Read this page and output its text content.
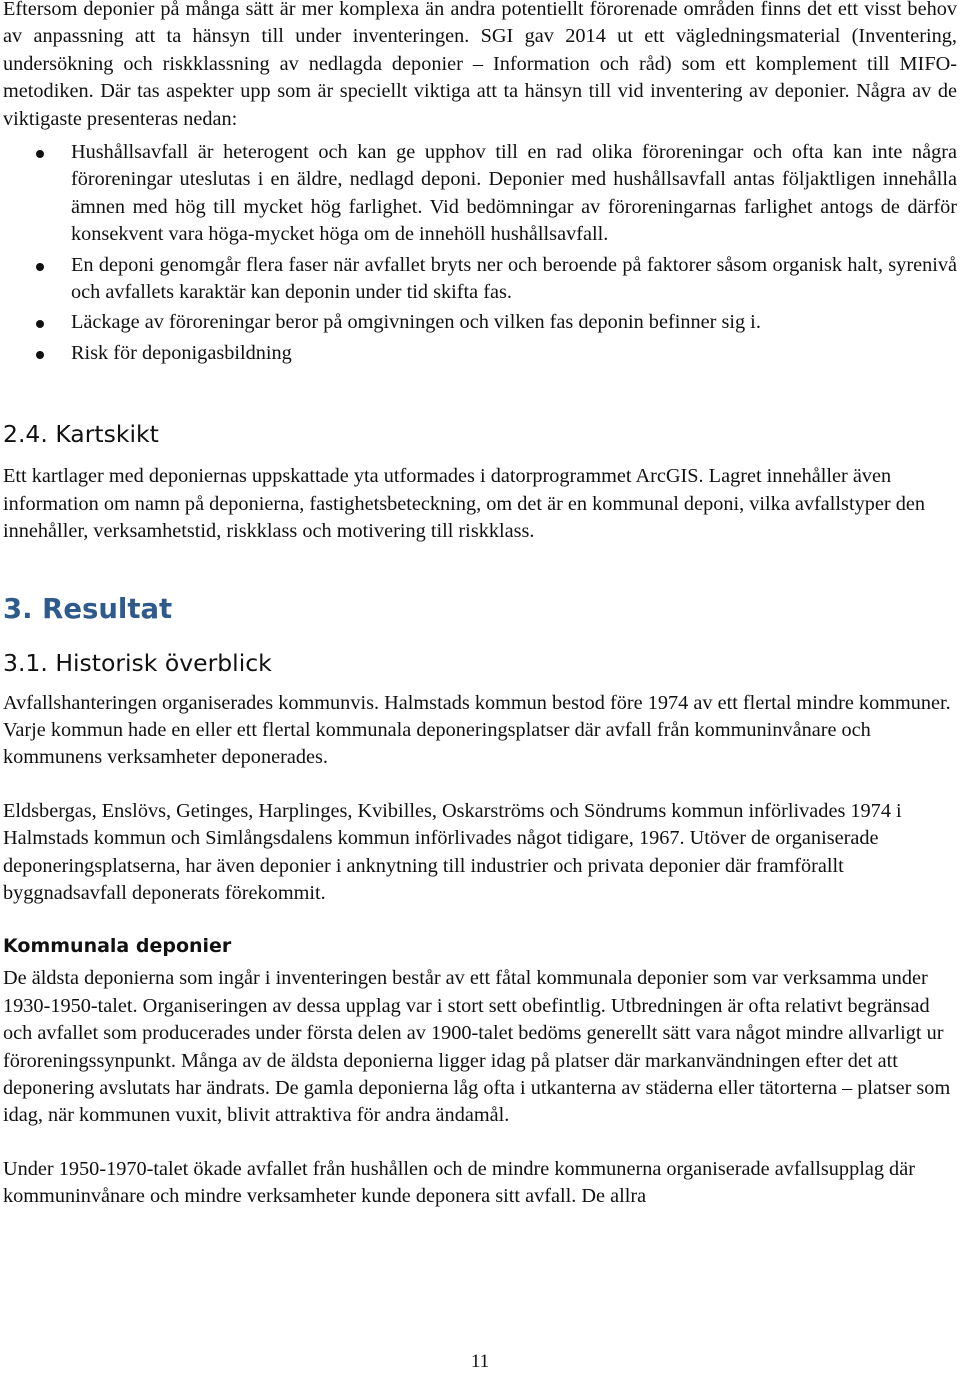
Eftersom deponier på många sätt är mer komplexa än andra potentiellt förorenade områden finns det ett visst behov av anpassning att ta hänsyn till under inventeringen. SGI gav 2014 ut ett vägledningsmaterial (Inventering, undersökning och riskklassning av nedlagda deponier – Information och råd) som ett komplement till MIFO-metodiken. Där tas aspekter upp som är speciellt viktiga att ta hänsyn till vid inventering av deponier. Några av de viktigaste presenteras nedan:

Hushållsavfall är heterogent och kan ge upphov till en rad olika föroreningar och ofta kan inte några föroreningar uteslutas i en äldre, nedlagd deponi. Deponier med hushållsavfall antas följaktligen innehålla ämnen med hög till mycket hög farlighet. Vid bedömningar av föroreningarnas farlighet antogs de därför konsekvent vara höga-mycket höga om de innehöll hushållsavfall.
En deponi genomgår flera faser när avfallet bryts ner och beroende på faktorer såsom organisk halt, syrenivå och avfallets karaktär kan deponin under tid skifta fas.
Läckage av föroreningar beror på omgivningen och vilken fas deponin befinner sig i.
Risk för deponigasbildning
2.4. Kartskikt

Ett kartlager med deponiernas uppskattade yta utformades i datorprogrammet ArcGIS. Lagret innehåller även information om namn på deponierna, fastighetsbeteckning, om det är en kommunal deponi, vilka avfallstyper den innehåller, verksamhetstid, riskklass och motivering till riskklass.

3. Resultat
3.1. Historisk överblick

Avfallshanteringen organiserades kommunvis. Halmstads kommun bestod före 1974 av ett flertal mindre kommuner. Varje kommun hade en eller ett flertal kommunala deponeringsplatser där avfall från kommuninvånare och kommunens verksamheter deponerades.

Eldsbergas, Enslövs, Getinges, Harplinges, Kvibilles, Oskarströms och Söndrums kommun införlivades 1974 i Halmstads kommun och Simlångsdalens kommun införlivades något tidigare, 1967. Utöver de organiserade deponeringsplatserna, har även deponier i anknytning till industrier och privata deponier där framförallt byggnadsavfall deponerats förekommit.

Kommunala deponier

De äldsta deponierna som ingår i inventeringen består av ett fåtal kommunala deponier som var verksamma under 1930-1950-talet. Organiseringen av dessa upplag var i stort sett obefintlig. Utbredningen är ofta relativt begränsad och avfallet som producerades under första delen av 1900-talet bedöms generellt sätt vara något mindre allvarligt ur föroreningssynpunkt. Många av de äldsta deponierna ligger idag på platser där markanvändningen efter det att deponering avslutats har ändrats. De gamla deponierna låg ofta i utkanterna av städerna eller tätorterna – platser som idag, när kommunen vuxit, blivit attraktiva för andra ändamål.

Under 1950-1970-talet ökade avfallet från hushållen och de mindre kommunerna organiserade avfallsupplag där kommuninvånare och mindre verksamheter kunde deponera sitt avfall. De allra

11
